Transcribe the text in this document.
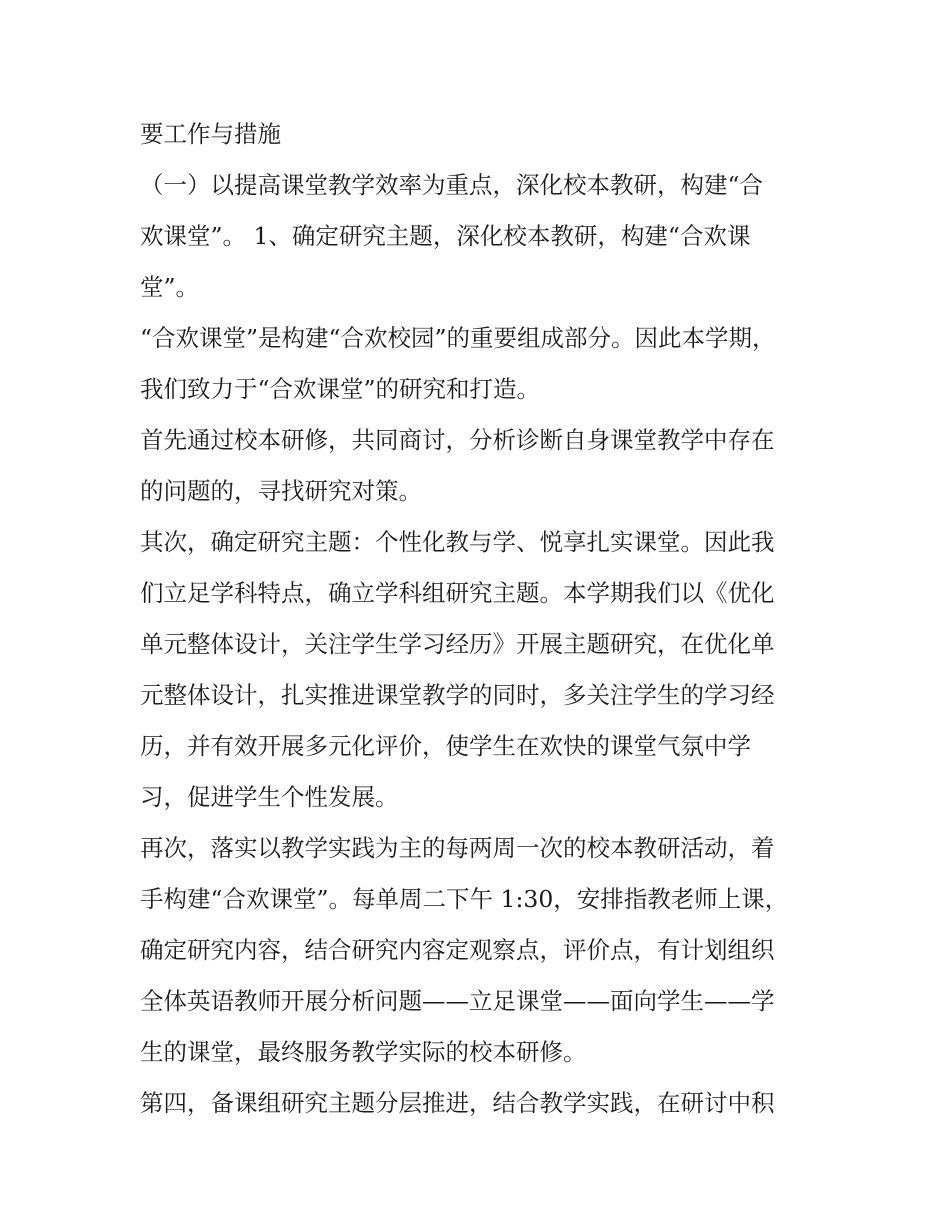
要工作与措施
（一）以提高课堂教学效率为重点，深化校本教研，构建“合
欢课堂”。 1、确定研究主题，深化校本教研，构建“合欢课
堂”。
“合欢课堂”是构建“合欢校园”的重要组成部分。因此本学期，
我们致力于“合欢课堂”的研究和打造。
首先通过校本研修，共同商讨，分析诊断自身课堂教学中存在
的问题的，寻找研究对策。
其次，确定研究主题：个性化教与学、悦享扎实课堂。因此我
们立足学科特点，确立学科组研究主题。本学期我们以《优化
单元整体设计，关注学生学习经历》开展主题研究，在优化单
元整体设计，扎实推进课堂教学的同时，多关注学生的学习经
历，并有效开展多元化评价，使学生在欢快的课堂气氛中学
习，促进学生个性发展。
再次，落实以教学实践为主的每两周一次的校本教研活动，着
手构建“合欢课堂”。每单周二下午 1:30，安排指教老师上课，
确定研究内容，结合研究内容定观察点，评价点，有计划组织
全体英语教师开展分析问题——立足课堂——面向学生——学
生的课堂，最终服务教学实际的校本研修。
第四，备课组研究主题分层推进，结合教学实践，在研讨中积
